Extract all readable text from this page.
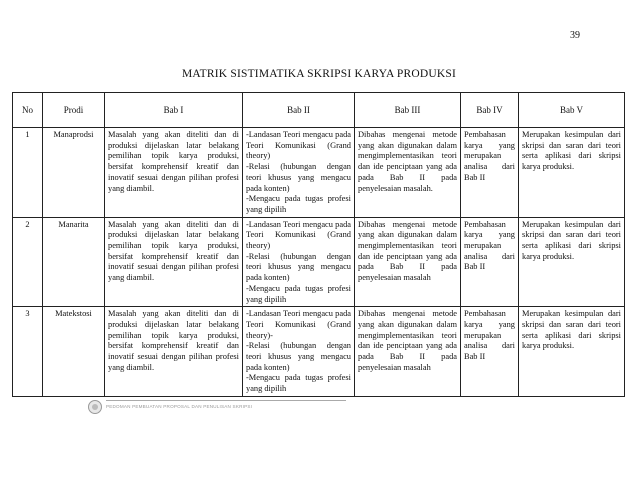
39
MATRIK SISTIMATIKA SKRIPSI KARYA PRODUKSI
No	Prodi	Bab I	Bab II	Bab III	Bab IV	Bab V
1	Manaprodsi	Masalah yang akan diteliti dan di produksi dijelaskan latar belakang pemilihan topik karya produksi, bersifat komprehensif kreatif dan inovatif sesuai dengan pilihan profesi yang diambil.	-Landasan Teori mengacu pada Teori Komunikasi (Grand theory)
-Relasi (hubungan dengan teori khusus yang mengacu pada konten)
-Mengacu pada tugas profesi yang dipilih	Dibahas mengenai metode yang akan digunakan dalam mengimplementasikan teori dan ide penciptaan yang ada pada Bab II pada penyelesaian masalah.	Pembahasan karya yang merupakan analisa dari Bab II	Merupakan kesimpulan dari skripsi dan saran dari teori serta aplikasi dari skripsi karya produksi.
2	Manarita	Masalah yang akan diteliti dan di produksi dijelaskan latar belakang pemilihan topik karya produksi, bersifat komprehensif kreatif dan inovatif sesuai dengan pilihan profesi yang diambil.	-Landasan Teori mengacu pada Teori Komunikasi (Grand theory)
-Relasi (hubungan dengan teori khusus yang mengacu pada konten)
-Mengacu pada tugas profesi yang dipilih	Dibahas mengenai metode yang akan digunakan dalam mengimplementasikan teori dan ide penciptaan yang ada pada Bab II pada penyelesaian masalah	Pembahasan karya yang merupakan analisa dari Bab II	Merupakan kesimpulan dari skripsi dan saran dari teori serta aplikasi dari skripsi karya produksi.
3	Matekstosi	Masalah yang akan diteliti dan di produksi dijelaskan latar belakang pemilihan topik karya produksi, bersifat komprehensif kreatif dan inovatif sesuai dengan pilihan profesi yang diambil.	-Landasan Teori mengacu pada Teori Komunikasi (Grand theory)-
-Relasi (hubungan dengan teori khusus yang mengacu pada konten)
-Mengacu pada tugas profesi yang dipilih	Dibahas mengenai metode yang akan digunakan dalam mengimplementasikan teori dan ide penciptaan yang ada pada Bab II pada penyelesaian masalah	Pembahasan karya yang merupakan analisa dari Bab II	Merupakan kesimpulan dari skripsi dan saran dari teori serta aplikasi dari skripsi karya produksi.
PEDOMAN PEMBUATAN PROPOSAL DAN PENULISAN SKRIPSI
